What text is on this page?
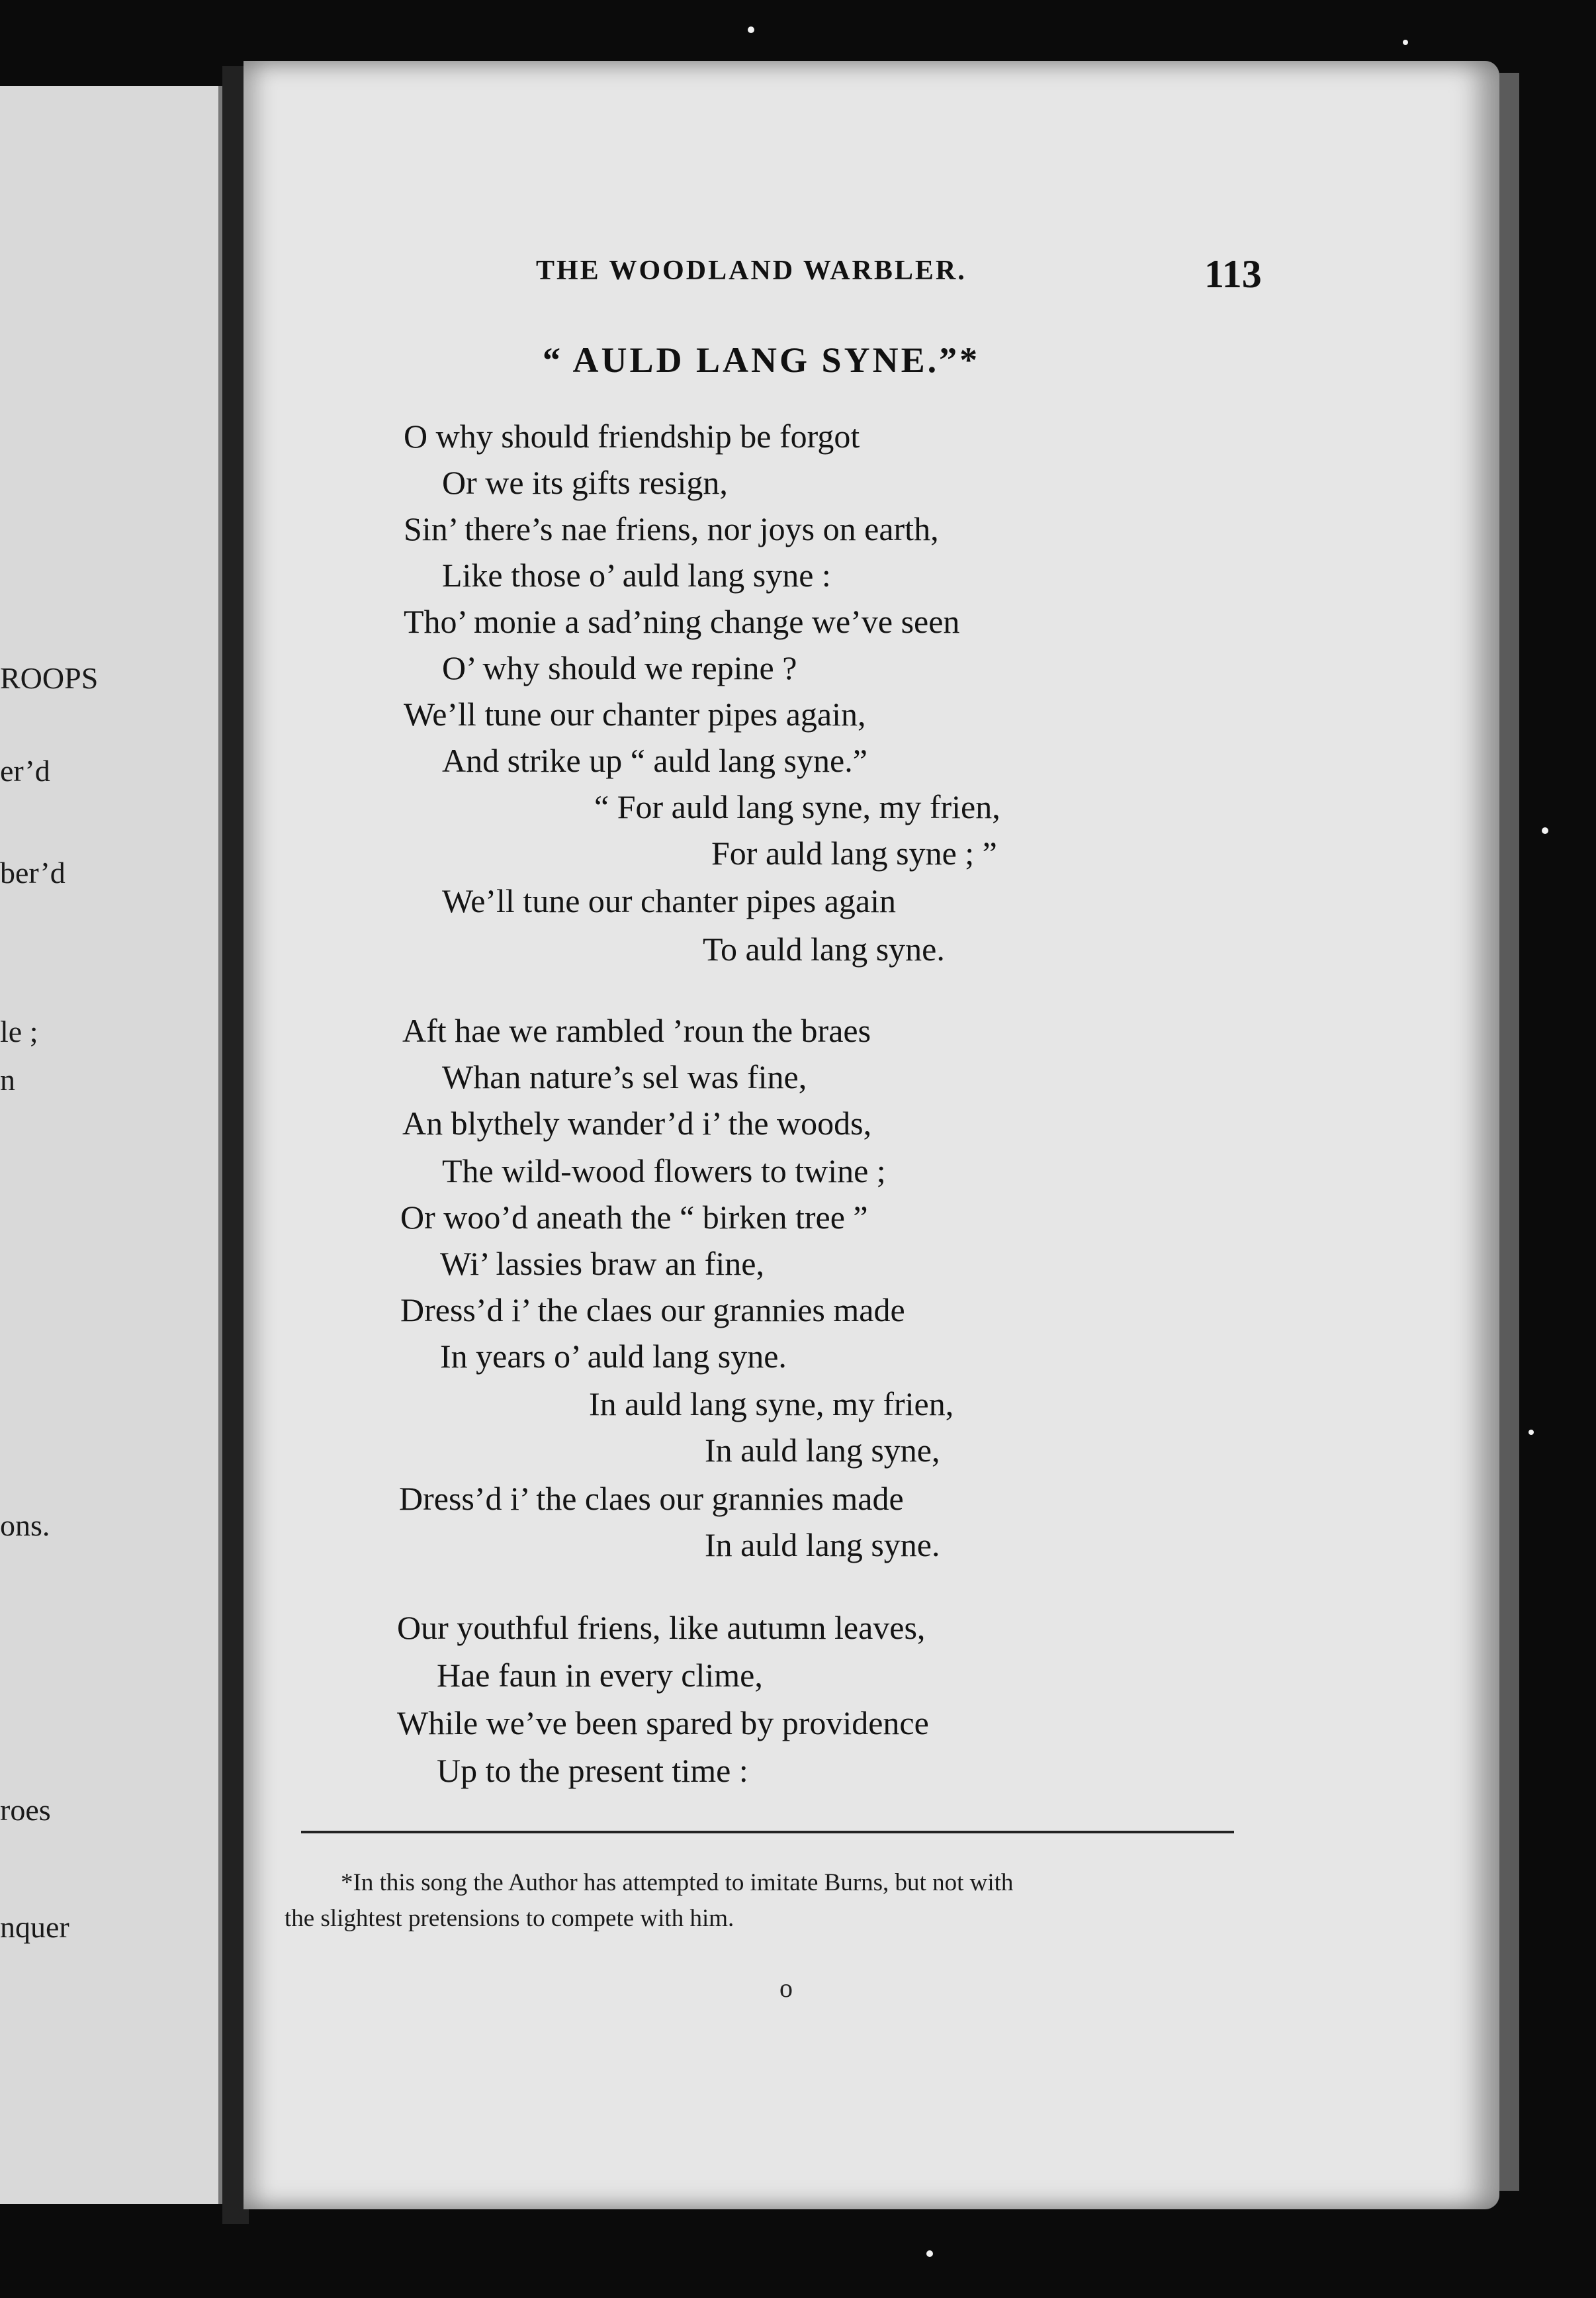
ROOPS

er’d

ber’d

le ;

n

ons.

roes

nquer

THE WOODLAND WARBLER.	113

“ AULD LANG SYNE.”*

O why should friendship be forgot

Or we its gifts resign,

Sin’ there’s nae friens, nor joys on earth,

Like those o’ auld lang syne :

Tho’ monie a sad’ning change we’ve seen

O’ why should we repine ?

We’ll tune our chanter pipes again,

And strike up “ auld lang syne.”

“ For auld lang syne, my frien,

For auld lang syne ; ”

We’ll tune our chanter pipes again

To auld lang syne.

Aft hae we rambled ’roun the braes

Whan nature’s sel was fine,

An blythely wander’d i’ the woods,

The wild-wood flowers to twine ;

Or woo’d aneath the “ birken tree ”

Wi’ lassies braw an fine,

Dress’d i’ the claes our grannies made

In years o’ auld lang syne.

In auld lang syne, my frien,

In auld lang syne,

Dress’d i’ the claes our grannies made

In auld lang syne.

Our youthful friens, like autumn leaves,

Hae faun in every clime,

While we’ve been spared by providence

Up to the present time :

*In this song the Author has attempted to imitate Burns, but not with
the slightest pretensions to compete with him.

o
